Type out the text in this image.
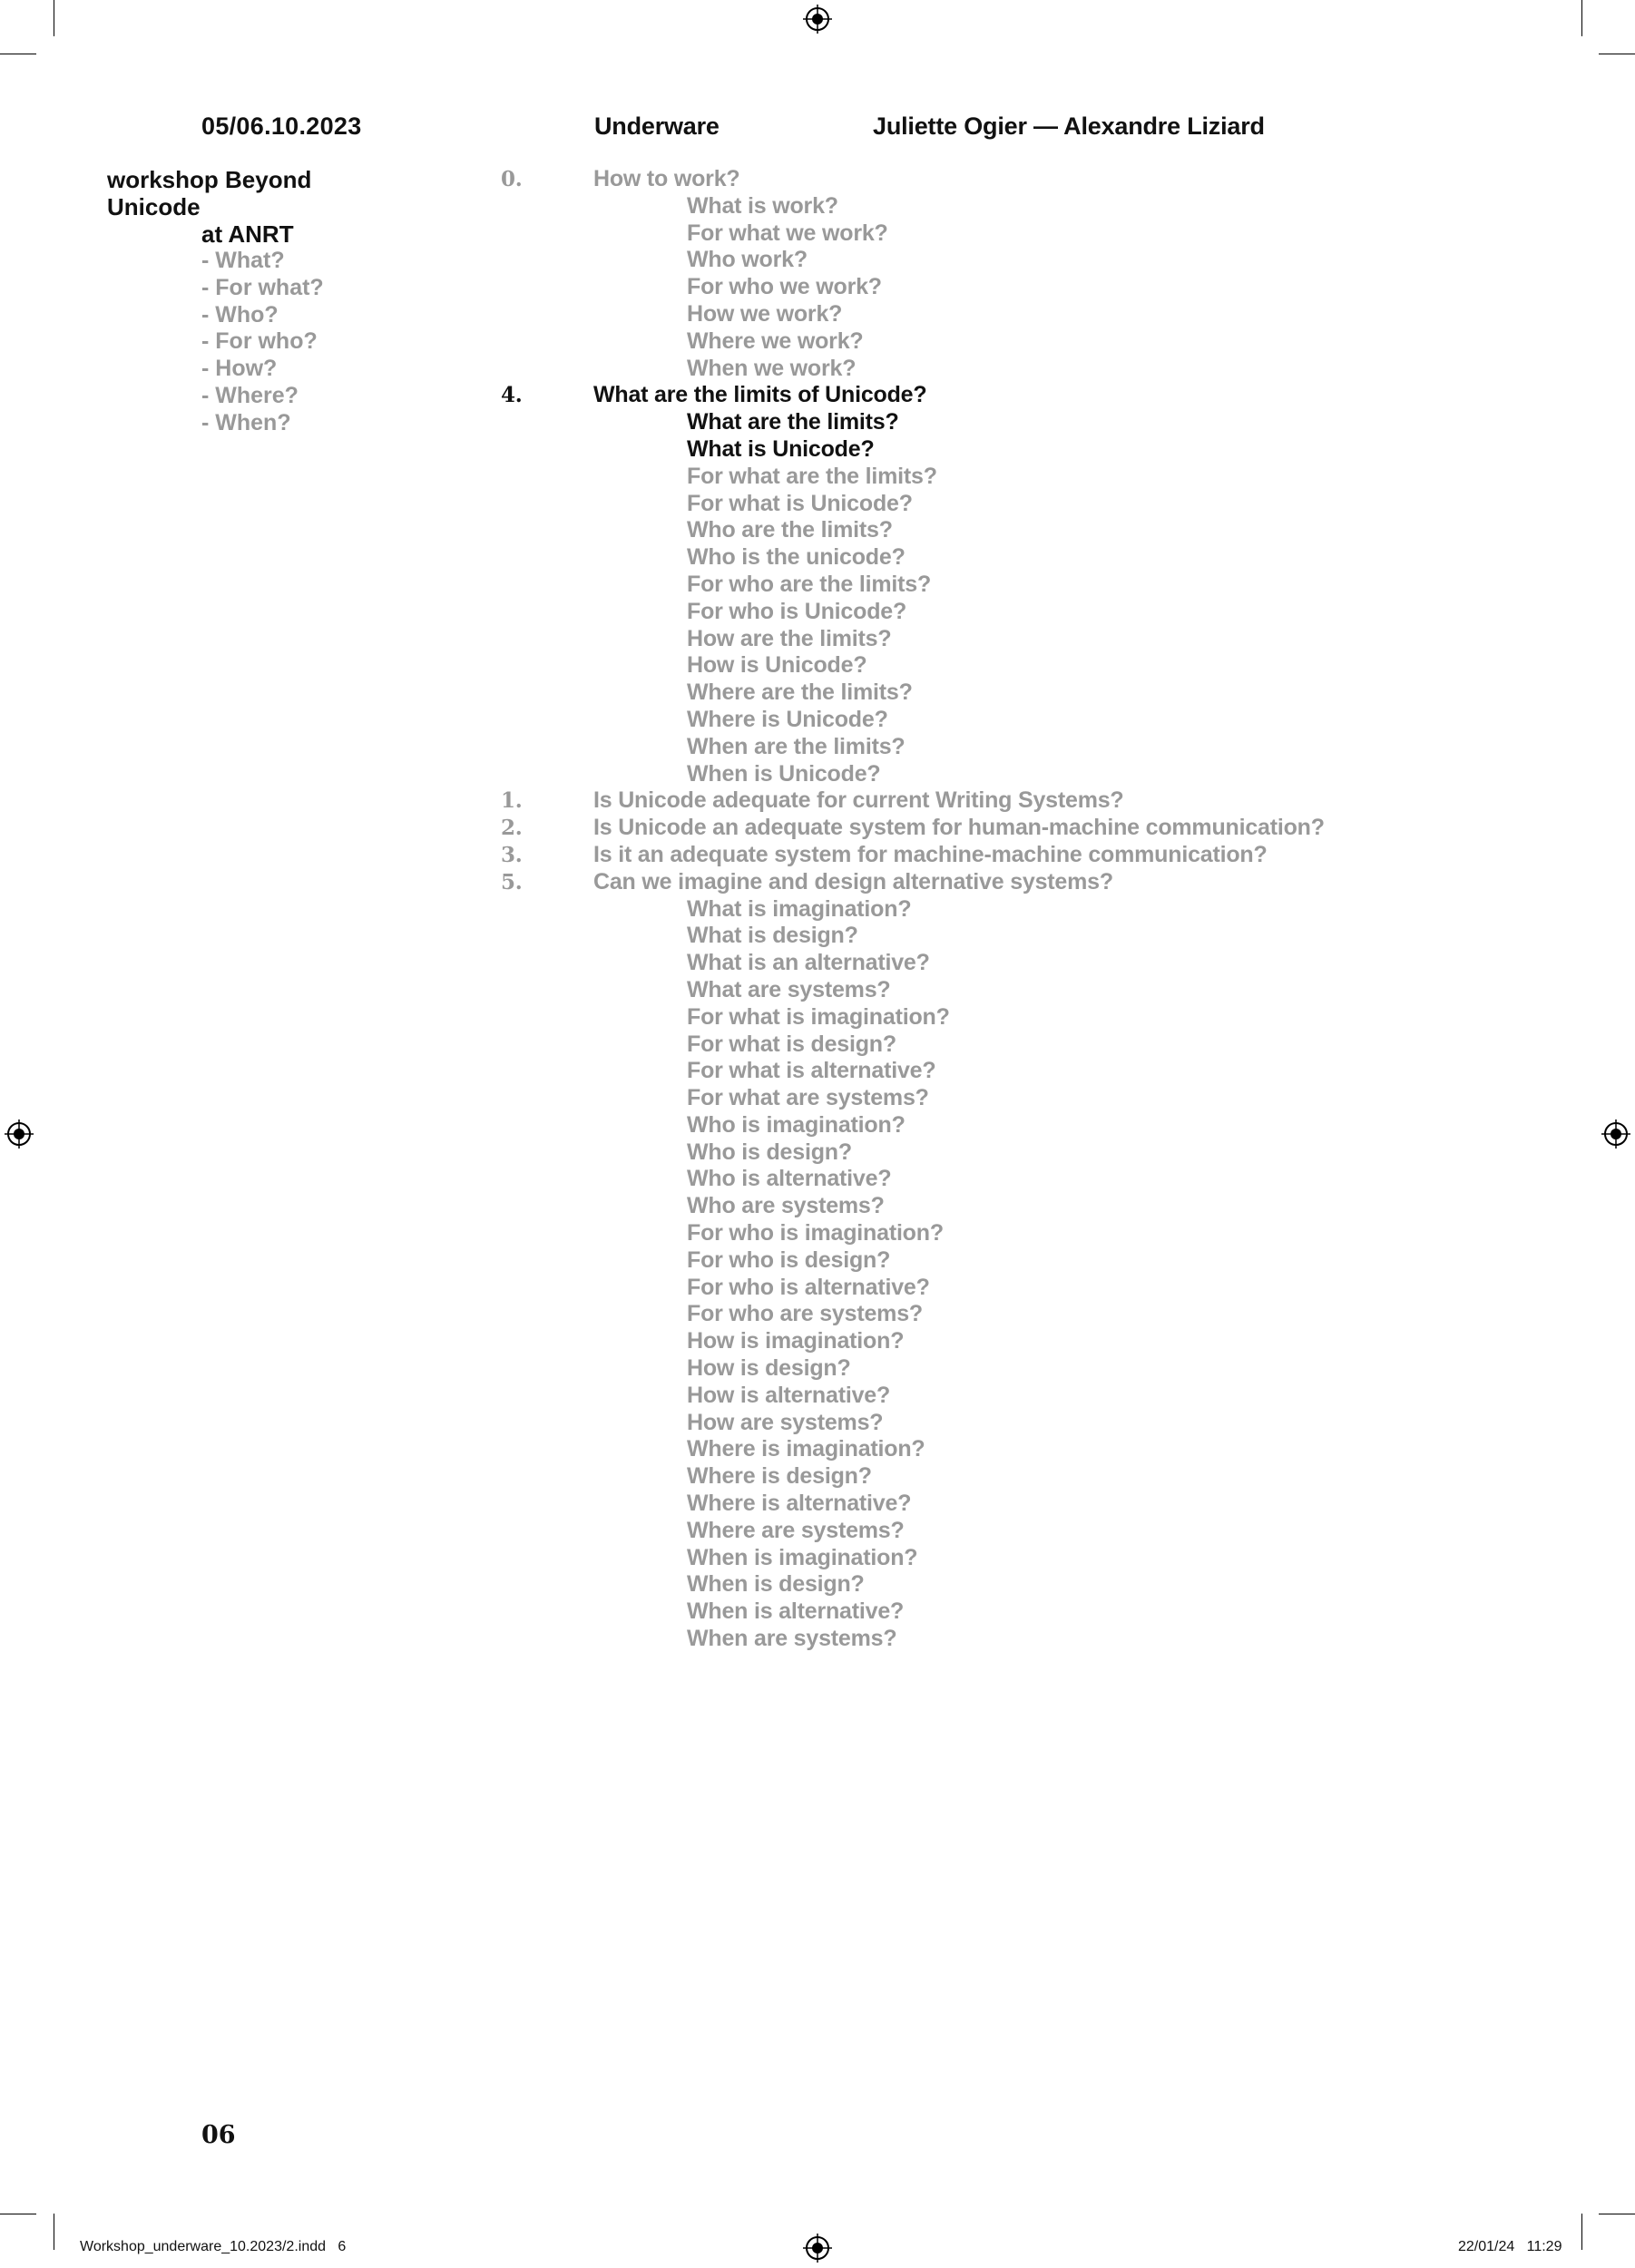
05/06.10.2023	Underware	Juliette Ogier — Alexandre Liziard
workshop Beyond Unicode
at ANRT
- What?
- For what?
- Who?
- For who?
- How?
- Where?
- When?
0.	How to work?
What is work?
For what we work?
Who work?
For who we work?
How we work?
Where we work?
When we work?
4.	What are the limits of Unicode?
What are the limits?
What is Unicode?
For what are the limits?
For what is Unicode?
Who are the limits?
Who is the unicode?
For who are the limits?
For who is Unicode?
How are the limits?
How is Unicode?
Where are the limits?
Where is Unicode?
When are the limits?
When is Unicode?
1.	Is Unicode adequate for current Writing Systems?
2.	Is Unicode an adequate system for human-machine communication?
3.	Is it an adequate system for machine-machine communication?
5.	Can we imagine and design alternative systems?
What is imagination?
What is design?
What is an alternative?
What are systems?
For what is imagination?
For what is design?
For what is alternative?
For what are systems?
Who is imagination?
Who is design?
Who is alternative?
Who are systems?
For who is imagination?
For who is design?
For who is alternative?
For who are systems?
How is imagination?
How is design?
How is alternative?
How are systems?
Where is imagination?
Where is design?
Where is alternative?
Where are systems?
When is imagination?
When is design?
When is alternative?
When are systems?
06
Workshop_underware_10.2023/2.indd   6	22/01/24   11:29
